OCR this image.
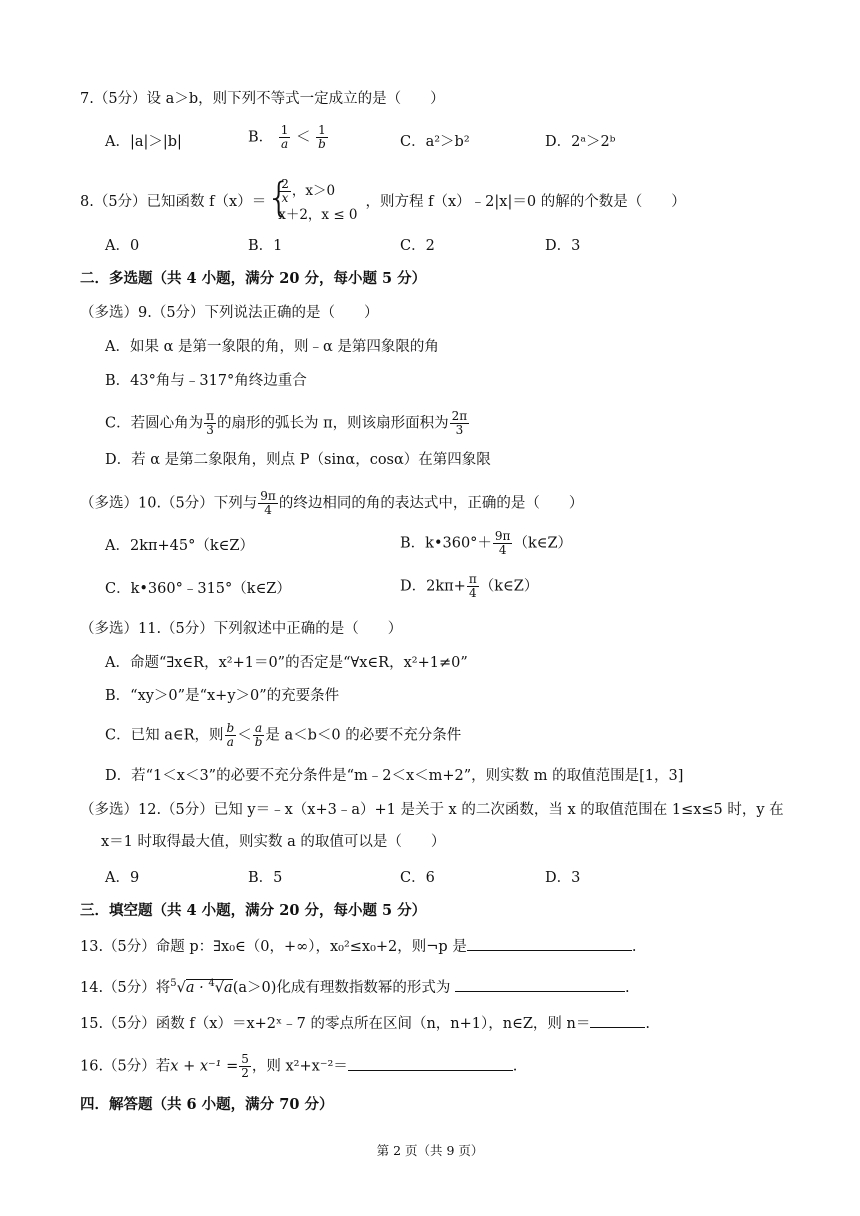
7.（5分）设 a＞b，则下列不等式一定成立的是（　　）
A．|a|＞|b|	B． $\frac{1}{a} < \frac{1}{b}$	C．a²＞b²	D．2ᵃ＞2ᵇ
8.（5分）已知函数 f（x）＝
{ $\frac{2}{x}$ ，x＞0
x＋2，x ≤ 0
，则方程 f（x）﹣2|x|＝0 的解的个数是（　　）
A．0	B．1	C．2	D．3
二．多选题（共 4 小题，满分 20 分，每小题 5 分）
（多选）9.（5分）下列说法正确的是（　　）
A．如果 α 是第一象限的角，则﹣α 是第四象限的角
B．43°角与﹣317°角终边重合
C．若圆心角为 $\frac{\pi}{3}$ 的扇形的弧长为 π，则该扇形面积为 $\frac{2\pi}{3}$
D．若 α 是第二象限角，则点 P（sinα，cosα）在第四象限
（多选）10.（5分）下列与 $\frac{9\pi}{4}$ 的终边相同的角的表达式中，正确的是（　　）
A．2kπ+45°（k∈Z）	B．k•360°＋ $\frac{9\pi}{4}$ （k∈Z）
C．k•360°﹣315°（k∈Z）	D．$2k\pi+ \frac{\pi}{4}$ （k∈Z）
（多选）11.（5分）下列叙述中正确的是（　　）
A．命题“∃x∈R，x²+1＝0”的否定是“∀x∈R，x²+1≠0”
B．“xy＞0”是“x+y＞0”的充要条件
C．已知 a∈R，则 $\frac{b}{a} < \frac{a}{b}$ 是 a＜b＜0 的必要不充分条件
D．若“1＜x＜3”的必要不充分条件是“m﹣2＜x＜m+2”，则实数 m 的取值范围是[1，3]
（多选）12.（5分）已知 y＝﹣x（x+3﹣a）+1 是关于 x 的二次函数，当 x 的取值范围在 1≤x≤5 时，y 在
x＝1 时取得最大值，则实数 a 的取值可以是（　　）
A．9	B．5	C．6	D．3
三．填空题（共 4 小题，满分 20 分，每小题 5 分）
13.（5分）命题 p：∃x₀∈（0，+∞），x₀²≤x₀+2，则¬p 是	.
14.（5分）将$^5$√a · $^4$√a(a＞0)化成有理数指数幂的形式为	.
15.（5分）函数 f（x）＝x+2ˣ﹣7 的零点所在区间（n，n+1），n∈Z，则 n＝	.
16.（5分）若$x + x^{-1} = \frac{5}{2}$ ，则 x²+x⁻²＝	.
四．解答题（共 6 小题，满分 70 分）
第 2 页（共 9 页）
